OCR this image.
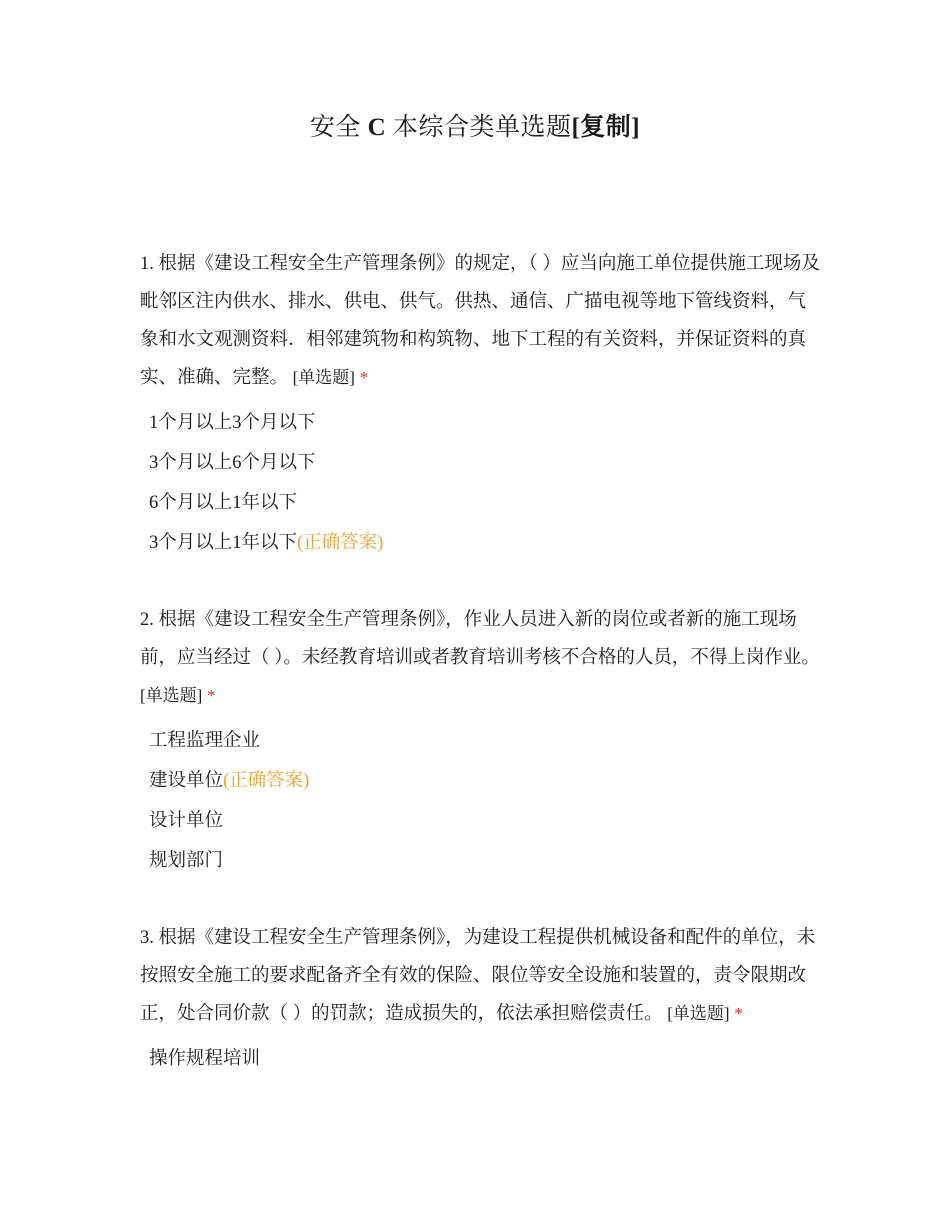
安全 C 本综合类单选题[复制]

1. 根据《建设工程安全生产管理条例》的规定，（ ）应当向施工单位提供施工现场及毗邻区注内供水、排水、供电、供气。供热、通信、广描电视等地下管线资料，气象和水文观测资料．相邻建筑物和构筑物、地下工程的有关资料，并保证资料的真实、准确、完整。 [单选题] *

1个月以上3个月以下
3个月以上6个月以下
6个月以上1年以下
3个月以上1年以下(正确答案)

2. 根据《建设工程安全生产管理条例》，作业人员进入新的岗位或者新的施工现场前，应当经过（ ）。未经教育培训或者教育培训考核不合格的人员，不得上岗作业。 [单选题] *

工程监理企业
建设单位(正确答案)
设计单位
规划部门

3. 根据《建设工程安全生产管理条例》，为建设工程提供机械设备和配件的单位，未按照安全施工的要求配备齐全有效的保险、限位等安全设施和装置的，责令限期改正，处合同价款（ ）的罚款；造成损失的，依法承担赔偿责任。 [单选题] *

操作规程培训
